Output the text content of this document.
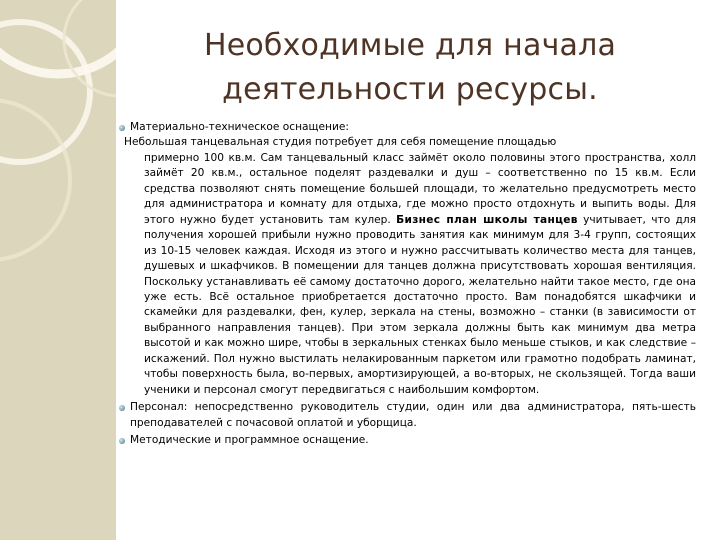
Необходимые для начала деятельности ресурсы.

Материально-техническое оснащение:

Небольшая танцевальная студия потребует для себя помещение площадью
примерно 100 кв.м. Сам танцевальный класс займёт около половины этого пространства, холл займёт 20 кв.м., остальное поделят раздевалки и душ – соответственно по 15 кв.м. Если средства позволяют снять помещение большей площади, то желательно предусмотреть место для администратора и комнату для отдыха, где можно просто отдохнуть и выпить воды. Для этого нужно будет установить там кулер. Бизнес план школы танцев учитывает, что для получения хорошей прибыли нужно проводить занятия как минимум для 3-4 групп, состоящих из 10-15 человек каждая. Исходя из этого и нужно рассчитывать количество места для танцев, душевых и шкафчиков. В помещении для танцев должна присутствовать хорошая вентиляция. Поскольку устанавливать её самому достаточно дорого, желательно найти такое место, где она уже есть. Всё остальное приобретается достаточно просто. Вам понадобятся шкафчики и скамейки для раздевалки, фен, кулер, зеркала на стены, возможно – станки (в зависимости от выбранного направления танцев). При этом зеркала должны быть как минимум два метра высотой и как можно шире, чтобы в зеркальных стенках было меньше стыков, и как следствие – искажений. Пол нужно выстилать нелакированным паркетом или грамотно подобрать ламинат, чтобы поверхность была, во-первых, амортизирующей, а во-вторых, не скользящей. Тогда ваши ученики и персонал смогут передвигаться с наибольшим комфортом.

Персонал: непосредственно руководитель студии, один или два администратора, пять-шесть преподавателей с почасовой оплатой и уборщица.

Методические и программное оснащение.
